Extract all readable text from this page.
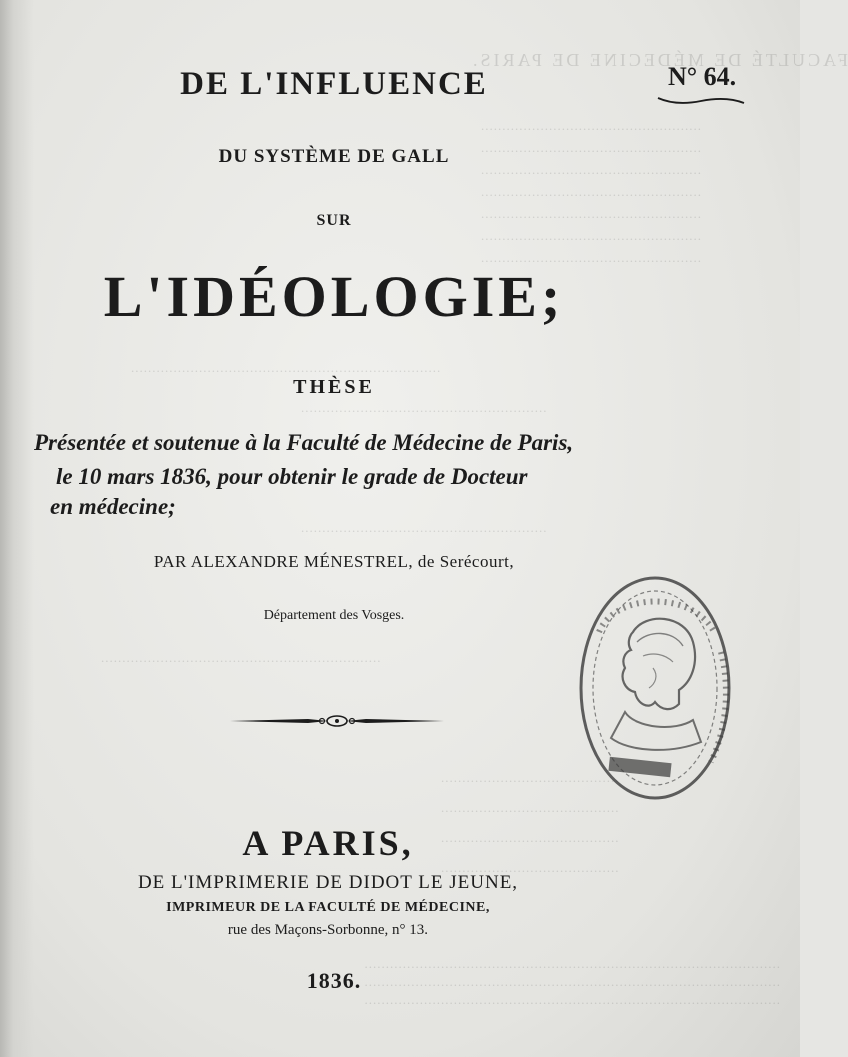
FACULTÉ DE MÉDECINE DE PARIS.
....................................................
....................................................
....................................................
....................................................
....................................................
....................................................
....................................................
.........................................................................
..........................................................
..........................................................
..................................................................
..........................................
..........................................
..........................................
..........................................
..................................................................................................
..................................................................................................
..................................................................................................
DE L'INFLUENCE	N° 64.
DU SYSTÈME DE GALL
SUR
L'IDÉOLOGIE;
THÈSE
Présentée et soutenue à la Faculté de Médecine de Paris,
le 10 mars 1836, pour obtenir le grade de Docteur
en médecine;
PAR ALEXANDRE MÉNESTREL, de Serécourt,
Département des Vosges.
A PARIS,
DE L'IMPRIMERIE DE DIDOT LE JEUNE,
IMPRIMEUR DE LA FACULTÉ DE MÉDECINE,
rue des Maçons-Sorbonne, n° 13.
1836.
